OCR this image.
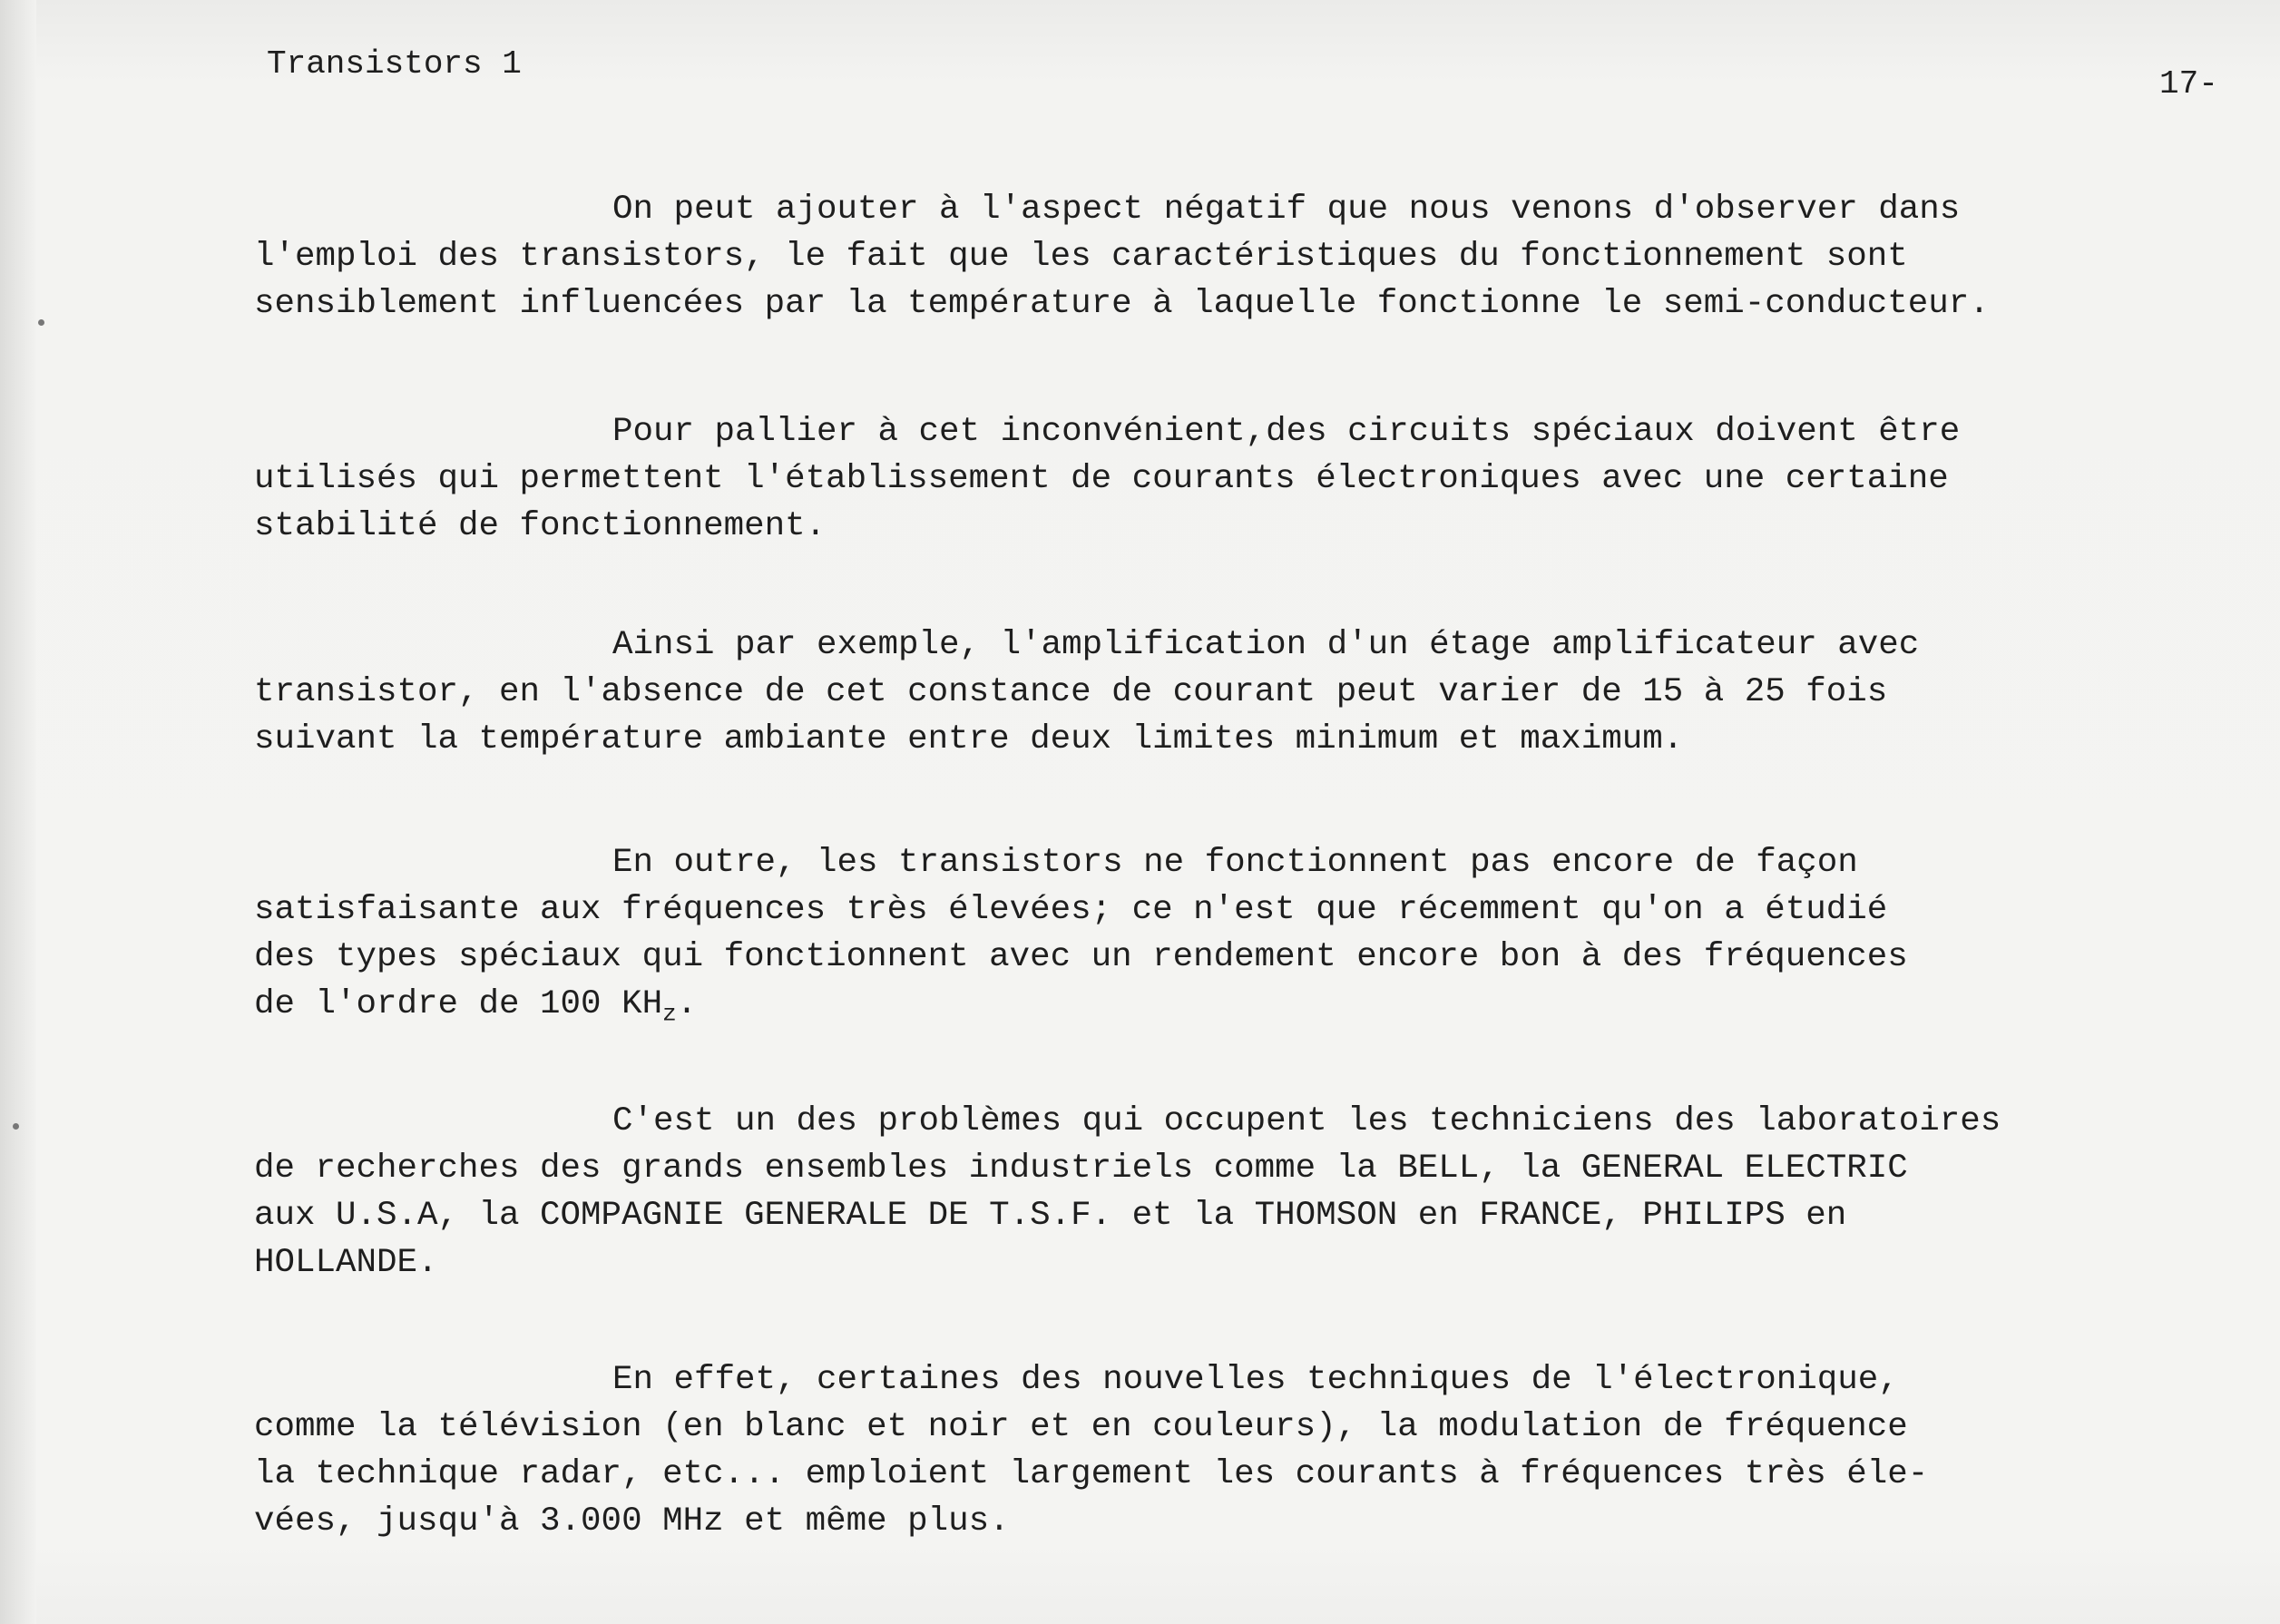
Transistors 1
17-
On peut ajouter à l'aspect négatif que nous venons d'observer dans
l'emploi des transistors, le fait que les caractéristiques du fonctionnement sont
sensiblement influencées par la température à laquelle fonctionne le semi-conducteur.
Pour pallier à cet inconvénient,des circuits spéciaux doivent être
utilisés qui permettent l'établissement de courants électroniques avec une certaine
stabilité de fonctionnement.
Ainsi par exemple, l'amplification d'un étage amplificateur avec
transistor, en l'absence de cet constance de courant peut varier de 15 à 25 fois
suivant la température ambiante entre deux limites minimum et maximum.
En outre, les transistors ne fonctionnent pas encore de façon
satisfaisante aux fréquences très élevées; ce n'est que récemment qu'on a étudié
des types spéciaux qui fonctionnent avec un rendement encore bon à des fréquences
de l'ordre de 100 $KH_z$.
C'est un des problèmes qui occupent les techniciens des laboratoires
de recherches des grands ensembles industriels comme la BELL, la GENERAL ELECTRIC
aux U.S.A, la COMPAGNIE GENERALE DE T.S.F. et la THOMSON en FRANCE, PHILIPS en
HOLLANDE.
En effet, certaines des nouvelles techniques de l'électronique,
comme la télévision (en blanc et noir et en couleurs), la modulation de fréquence
la technique radar, etc... emploient largement les courants à fréquences très éle-
vées, jusqu'à 3.000 MHz et même plus.
